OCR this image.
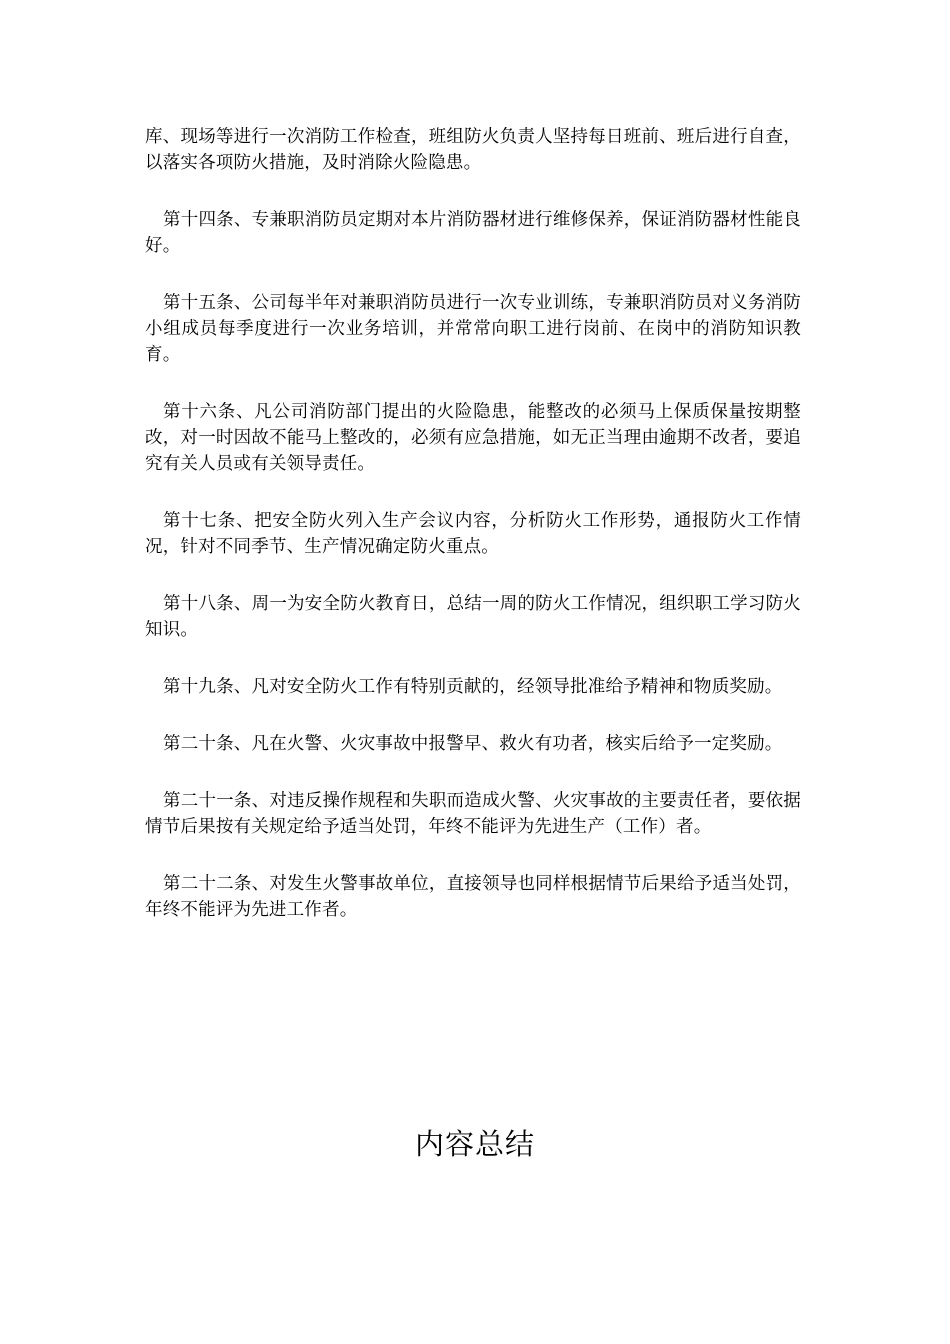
库、现场等进行一次消防工作检查，班组防火负责人坚持每日班前、班后进行自查，以落实各项防火措施，及时消除火险隐患。

第十四条、专兼职消防员定期对本片消防器材进行维修保养，保证消防器材性能良好。

第十五条、公司每半年对兼职消防员进行一次专业训练，专兼职消防员对义务消防小组成员每季度进行一次业务培训，并常常向职工进行岗前、在岗中的消防知识教育。

第十六条、凡公司消防部门提出的火险隐患，能整改的必须马上保质保量按期整改，对一时因故不能马上整改的，必须有应急措施，如无正当理由逾期不改者，要追究有关人员或有关领导责任。

第十七条、把安全防火列入生产会议内容，分析防火工作形势，通报防火工作情况，针对不同季节、生产情况确定防火重点。

第十八条、周一为安全防火教育日，总结一周的防火工作情况，组织职工学习防火知识。

第十九条、凡对安全防火工作有特别贡献的，经领导批准给予精神和物质奖励。

第二十条、凡在火警、火灾事故中报警早、救火有功者，核实后给予一定奖励。

第二十一条、对违反操作规程和失职而造成火警、火灾事故的主要责任者，要依据情节后果按有关规定给予适当处罚，年终不能评为先进生产（工作）者。

第二十二条、对发生火警事故单位，直接领导也同样根据情节后果给予适当处罚，年终不能评为先进工作者。

内容总结
